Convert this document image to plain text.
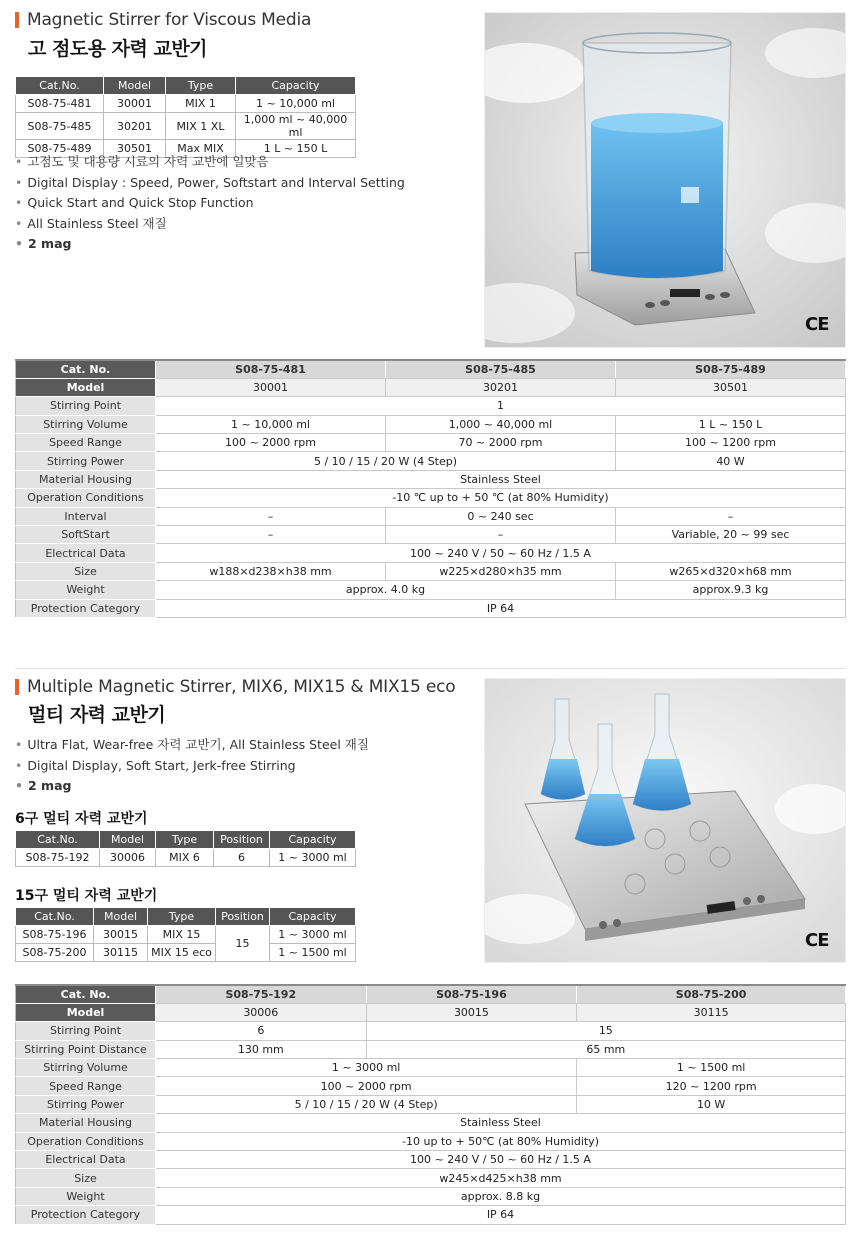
Magnetic Stirrer for Viscous Media
고 점도용 자력 교반기
Cat.No.	Model	Type	Capacity
S08-75-481	30001	MIX 1	1 ~ 10,000 ml
S08-75-485	30201	MIX 1 XL	1,000 ml ~ 40,000 ml
S08-75-489	30501	Max MIX	1 L ~ 150 L
• 고점도 및 대용량 시료의 자력 교반에 일맞음
• Digital Display : Speed, Power, Softstart and Interval Setting
• Quick Start and Quick Stop Function
• All Stainless Steel 재질
• 2 mag
CE
Cat. No.	S08-75-481	S08-75-485	S08-75-489
Model	30001	30201	30501
Stirring Point	1		
Stirring Volume	1 ~ 10,000 ml	1,000 ~ 40,000 ml	1 L ~ 150 L
Speed Range	100 ~ 2000 rpm	70 ~ 2000 rpm	100 ~ 1200 rpm
Stirring Power	5 / 10 / 15 / 20 W (4 Step)		40 W
Material Housing	Stainless Steel		
Operation Conditions	-10 ℃ up to + 50 ℃ (at 80% Humidity)		
Interval	–	0 ~ 240 sec	–
SoftStart	–	–	Variable, 20 ~ 99 sec
Electrical Data	100 ~ 240 V / 50 ~ 60 Hz / 1.5 A		
Size	w188×d238×h38 mm	w225×d280×h35 mm	w265×d320×h68 mm
Weight	approx. 4.0 kg		approx.9.3 kg
Protection Category	IP 64		
Multiple Magnetic Stirrer, MIX6, MIX15 & MIX15 eco
멀티 자력 교반기
• Ultra Flat, Wear-free 자력 교반기, All Stainless Steel 재질
• Digital Display, Soft Start, Jerk-free Stirring
• 2 mag
6구 멀티 자력 교반기
Cat.No.	Model	Type	Position	Capacity
S08-75-192	30006	MIX 6	6	1 ~ 3000 ml
15구 멀티 자력 교반기
Cat.No.	Model	Type	Position	Capacity
S08-75-196	30015	MIX 15	15	1 ~ 3000 ml
S08-75-200	30115	MIX 15 eco		1 ~ 1500 ml
CE
Cat. No.	S08-75-192	S08-75-196	S08-75-200
Model	30006	30015	30115
Stirring Point	6	15	
Stirring Point Distance	130 mm	65 mm	
Stirring Volume	1 ~ 3000 ml		1 ~ 1500 ml
Speed Range	100 ~ 2000 rpm		120 ~ 1200 rpm
Stirring Power	5 / 10 / 15 / 20 W (4 Step)		10 W
Material Housing	Stainless Steel		
Operation Conditions	-10 up to + 50℃ (at 80% Humidity)		
Electrical Data	100 ~ 240 V / 50 ~ 60 Hz / 1.5 A		
Size	w245×d425×h38 mm		
Weight	approx. 8.8 kg		
Protection Category	IP 64		
